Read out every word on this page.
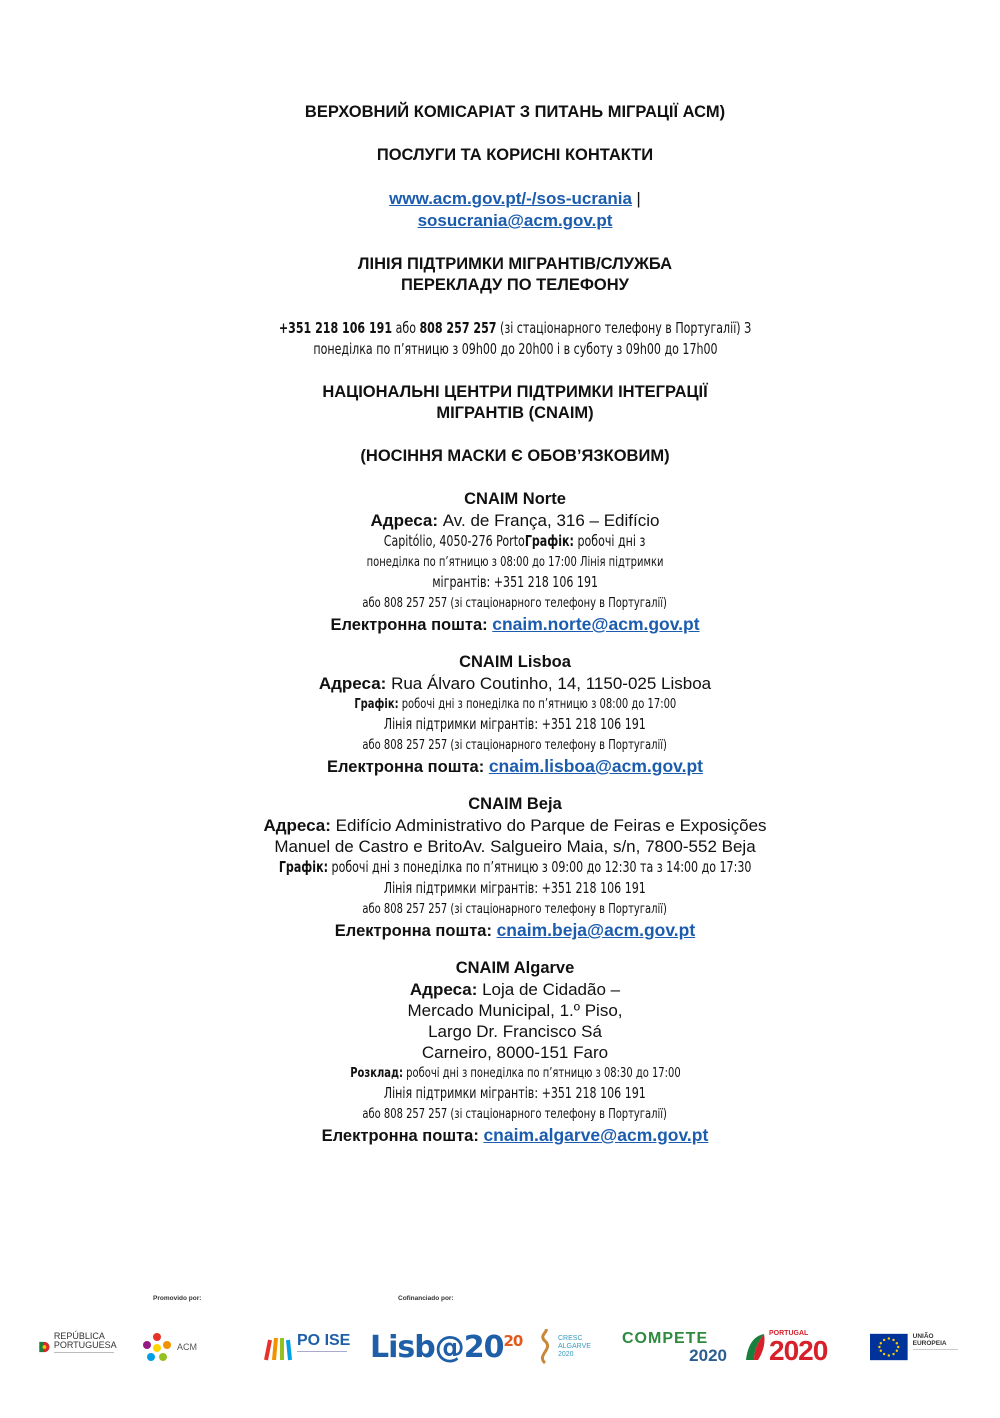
ВЕРХОВНИЙ КОМІСАРІАТ З ПИТАНЬ МІГРАЦІЇ АСМ)

ПОСЛУГИ ТА КОРИСНІ КОНТАКТИ

www.acm.gov.pt/-/sos-ucrania |
sosucrania@acm.gov.pt

ЛІНІЯ ПІДТРИМКИ МІГРАНТІВ/СЛУЖБА

ПЕРЕКЛАДУ ПО ТЕЛЕФОНУ

+351 218 106 191 або 808 257 257 (зі стаціонарного телефону в Португалії) З
понеділка по п’ятницю з 09h00 до 20h00 і в суботу з 09h00 до 17h00

НАЦІОНАЛЬНІ ЦЕНТРИ ПІДТРИМКИ ІНТЕГРАЦІЇ

МІГРАНТІВ (CNAIM)

(НОСІННЯ МАСКИ Є ОБОВ’ЯЗКОВИМ)

CNAIM Norte
Адреса: Av. de França, 316 – Edifício
Capitólio, 4050-276 PortoГрафік: робочі дні з
понеділка по п’ятницю з 08:00 до 17:00 Лінія підтримки
мігрантів: +351 218 106 191
або 808 257 257 (зі стаціонарного телефону в Португалії)
Електронна пошта: cnaim.norte@acm.gov.pt
CNAIM Lisboa
Адреса: Rua Álvaro Coutinho, 14, 1150-025 Lisboa
Графік: робочі дні з понеділка по п’ятницю з 08:00 до 17:00
Лінія підтримки мігрантів: +351 218 106 191
або 808 257 257 (зі стаціонарного телефону в Португалії)
Електронна пошта: cnaim.lisboa@acm.gov.pt
CNAIM Beja
Адреса: Edifício Administrativo do Parque de Feiras e Exposições
Manuel de Castro e BritoAv. Salgueiro Maia, s/n, 7800-552 Beja
Графік: робочі дні з понеділка по п’ятницю з 09:00 до 12:30 та з 14:00 до 17:30
Лінія підтримки мігрантів: +351 218 106 191
або 808 257 257 (зі стаціонарного телефону в Португалії)
Електронна пошта: cnaim.beja@acm.gov.pt
CNAIM Algarve
Адреса: Loja de Cidadão –
Mercado Municipal, 1.º Piso,
Largo Dr. Francisco Sá
Carneiro, 8000-151 Faro
Розклад: робочі дні з понеділка по п’ятницю з 08:30 до 17:00
Лінія підтримки мігрантів: +351 218 106 191
або 808 257 257 (зі стаціонарного телефону в Португалії)
Електронна пошта: cnaim.algarve@acm.gov.pt
Promovido por:	Cofinanciado por:
REPÚBLICA PORTUGUESA	ACM	PO ISE $Lisb@20^{20}$	CRESC ALGARVE 2020
COMPETE
2020
PORTUGAL
2020	UNIÃO EUROPEIA
